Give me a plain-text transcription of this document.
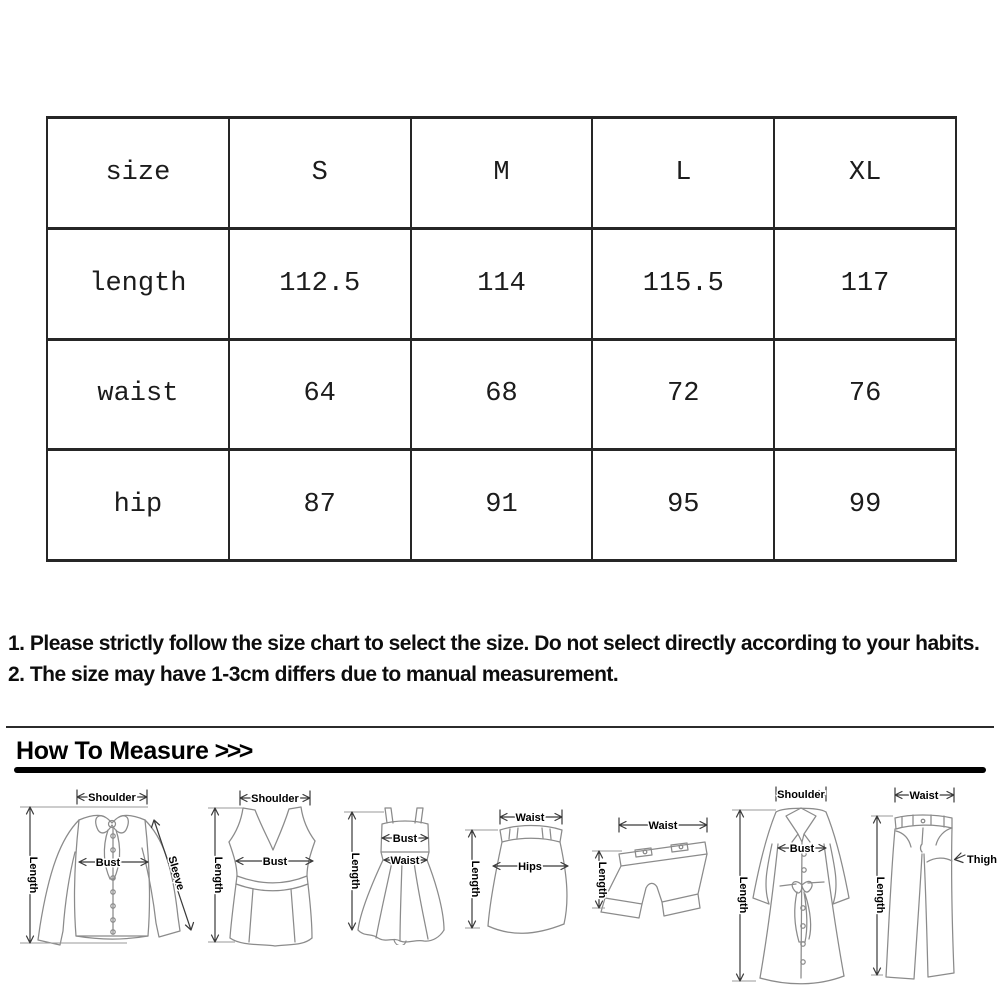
size	S	M	L	XL
length	112.5	114	115.5	117
waist	64	68	72	76
hip	87	91	95	99

1. Please strictly follow the size chart to select the size. Do not select directly according to your habits.

2. The size may have 1-3cm differs due to manual measurement.

How To Measure >>>
Shoulder
Length	Bust	Sleeve
Shoulder
Length	Bust	Length
Bust
Waist
Waist
Hips
Length
Waist
Length
Shoulder
Bust
Length
Waist
Length
Thigh
